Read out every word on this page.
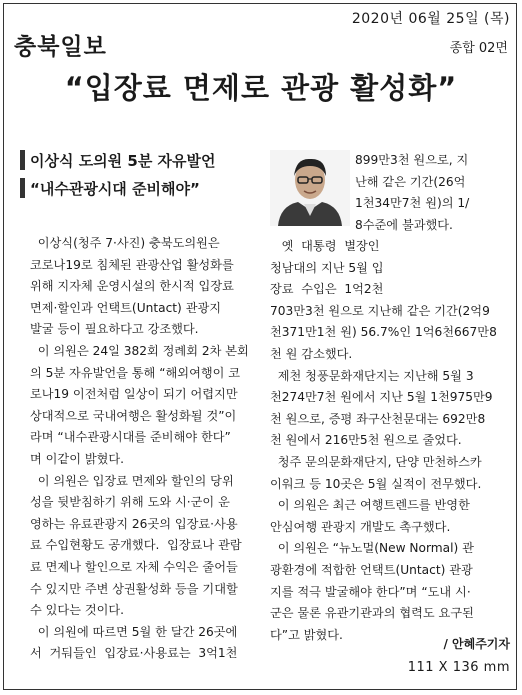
2020년 06월 25일 (목)
충북일보	종합 02면
“입장료 면제로 관광 활성화”
이상식 도의원 5분 자유발언
“내수관광시대 준비해야”
이상식(청주 7·사진) 충북도의원은
코로나19로 침체된 관광산업 활성화를
위해 지자체 운영시설의 한시적 입장료
면제·할인과 언택트(Untact) 관광지
발굴 등이 필요하다고 강조했다.
이 의원은 24일 382회 정례회 2차 본회
의 5분 자유발언을 통해 “해외여행이 코
로나19 이전처럼 일상이 되기 어렵지만
상대적으로 국내여행은 활성화될 것”이
라며 “내수관광시대를 준비해야 한다”
며 이같이 밝혔다.
이 의원은 입장료 면제와 할인의 당위
성을 뒷받침하기 위해 도와 시·군이 운
영하는 유료관광지 26곳의 입장료·사용
료 수입현황도 공개했다.  입장료나 관람
료 면제나 할인으로 자체 수익은 줄어들
수 있지만 주변 상권활성화 등을 기대할
수 있다는 것이다.
이 의원에 따르면 5월 한 달간 26곳에
서  거둬들인  입장료·사용료는  3억1천
899만3천 원으로, 지
난해 같은 기간(26억
1천34만7천 원)의 1/
8수준에 불과했다.
옛  대통령  별장인
청남대의 지난 5월 입
장료  수입은  1억2천
703만3천 원으로 지난해 같은 기간(2억9
천371만1천 원) 56.7%인 1억6천667만8
천 원 감소했다.
제천 청풍문화재단지는 지난해 5월 3
천274만7천 원에서 지난 5월 1천975만9
천 원으로, 증평 좌구산천문대는 692만8
천 원에서 216만5천 원으로 줄었다.
청주 문의문화재단지, 단양 만천하스카
이워크 등 10곳은 5월 실적이 전무했다.
이 의원은 최근 여행트렌드를 반영한
안심여행 관광지 개발도 촉구했다.
이 의원은 “뉴노멀(New Normal) 관
광환경에 적합한 언택트(Untact) 관광
지를 적극 발굴해야 한다”며 “도내 시·
군은 물론 유관기관과의 협력도 요구된
다”고 밝혔다.
/ 안혜주기자
111 X 136 mm
